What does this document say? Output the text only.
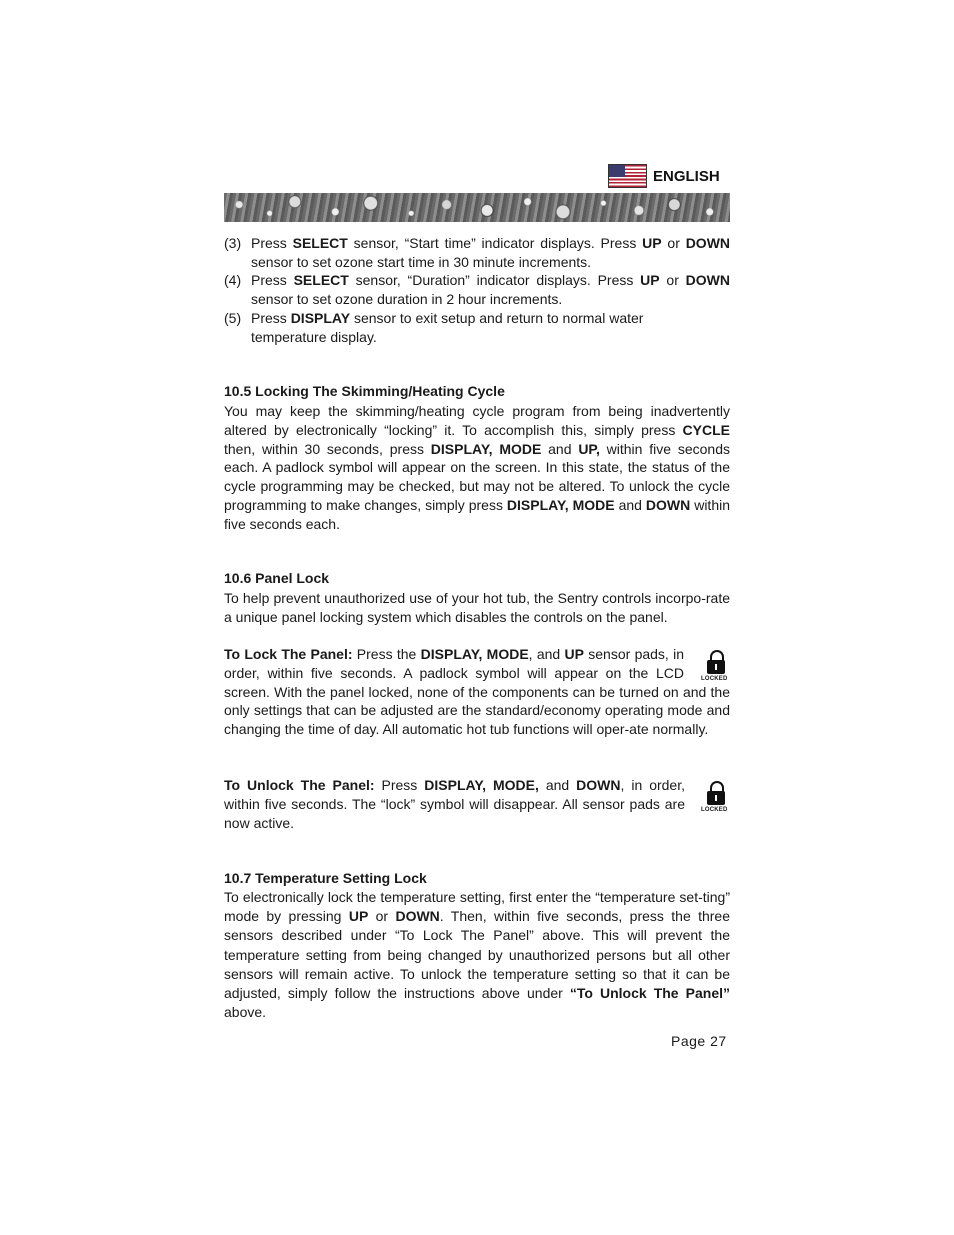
ENGLISH
(3) Press SELECT sensor, “Start time” indicator displays. Press UP or DOWN sensor to set ozone start time in 30 minute increments.
(4) Press SELECT sensor, “Duration” indicator displays. Press UP or DOWN sensor to set ozone duration in 2 hour increments.
(5) Press DISPLAY sensor to exit setup and return to normal water temperature display.
10.5 Locking The Skimming/Heating Cycle

You may keep the skimming/heating cycle program from being inadvertently altered by electronically “locking” it. To accomplish this, simply press CYCLE then, within 30 seconds, press DISPLAY, MODE and UP, within five seconds each. A padlock symbol will appear on the screen. In this state, the status of the cycle programming may be checked, but may not be altered. To unlock the cycle programming to make changes, simply press DISPLAY, MODE and DOWN within five seconds each.

10.6 Panel Lock

To help prevent unauthorized use of your hot tub, the Sentry controls incorpo-rate a unique panel locking system which disables the controls on the panel.

To Lock The Panel: Press the DISPLAY, MODE, and UP sensor pads, in order, within five seconds. A padlock symbol will appear on the LCD screen. With the panel locked, none of the components can be turned on and the only settings that can be adjusted are the standard/economy operating mode and changing the time of day. All automatic hot tub functions will oper-ate normally.

LOCKED

To Unlock The Panel: Press DISPLAY, MODE, and DOWN, in order, within five seconds. The “lock” symbol will disappear. All sensor pads are now active.

LOCKED
10.7 Temperature Setting Lock

To electronically lock the temperature setting, first enter the “temperature set-ting” mode by pressing UP or DOWN. Then, within five seconds, press the three sensors described under “To Lock The Panel” above. This will prevent the temperature setting from being changed by unauthorized persons but all other sensors will remain active. To unlock the temperature setting so that it can be adjusted, simply follow the instructions above under “To Unlock The Panel” above.

Page 27
